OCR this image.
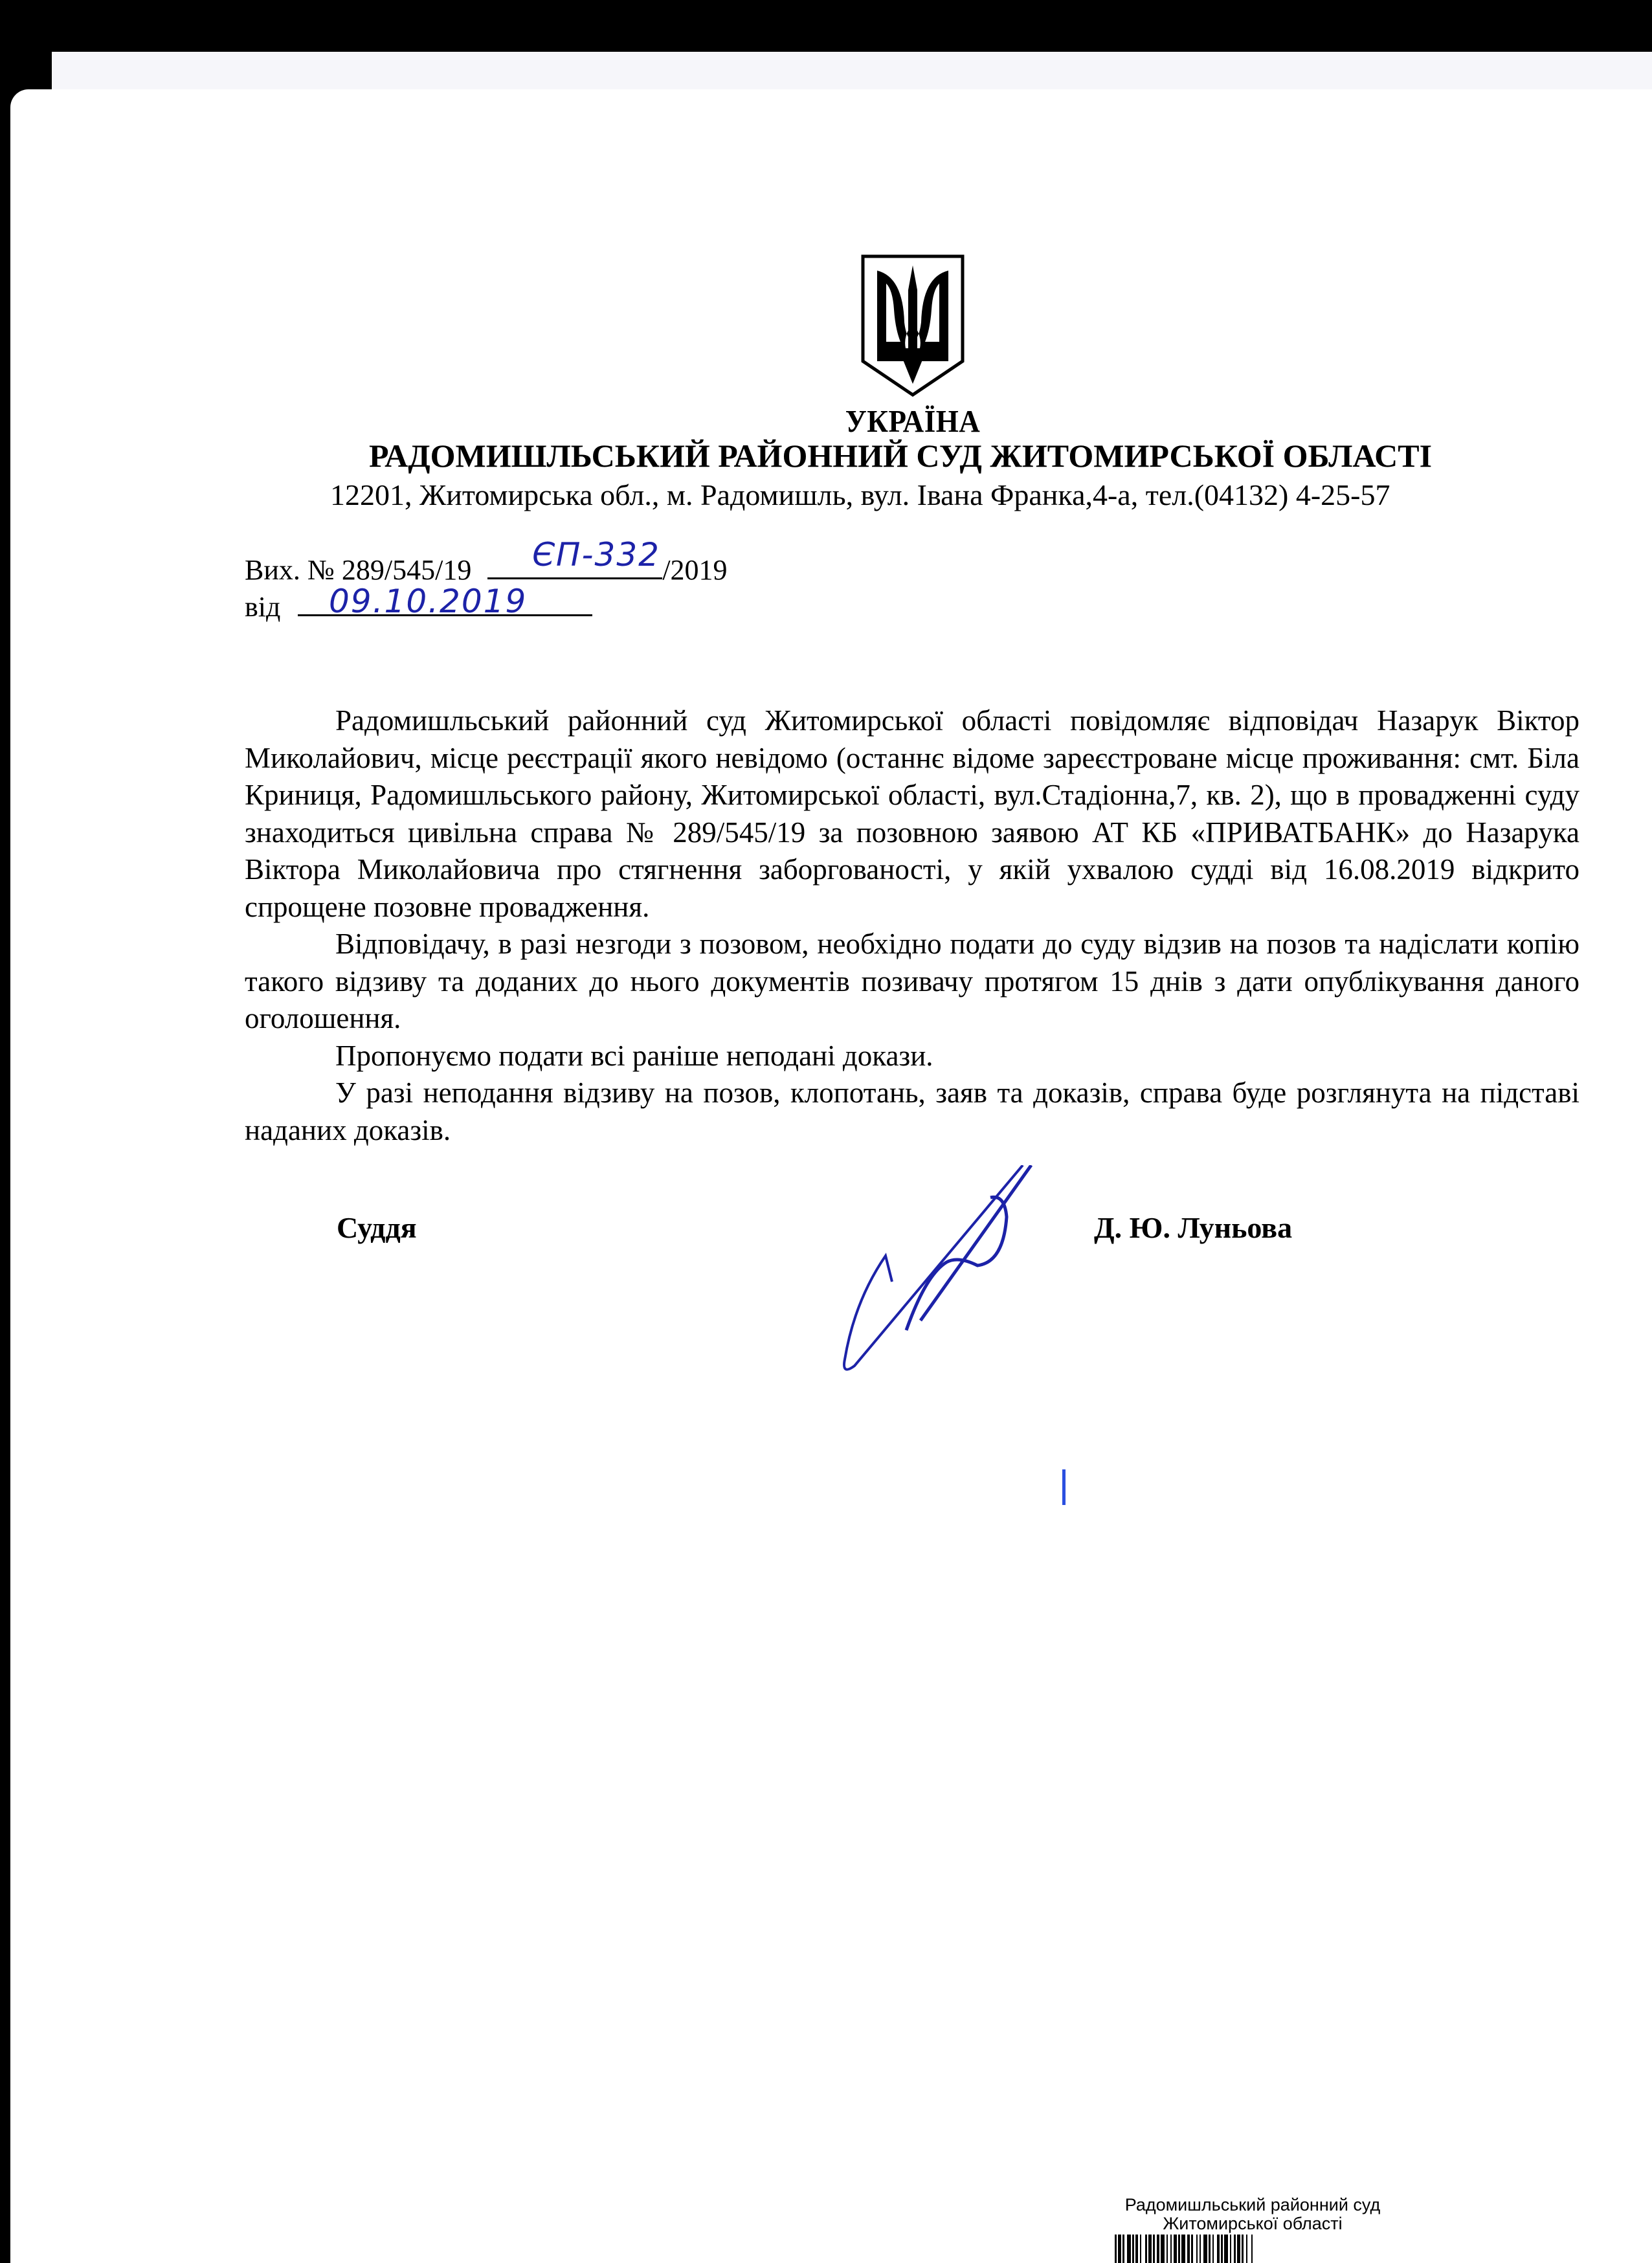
УКРАЇНА
РАДОМИШЛЬСЬКИЙ РАЙОННИЙ СУД ЖИТОМИРСЬКОЇ ОБЛАСТІ
12201, Житомирська обл., м. Радомишль, вул. Івана Франка,4-а, тел.(04132) 4-25-57
Вих. № 289/545/19	/2019
ЄП-332
від	09.10.2019

Радомишльський районний суд Житомирської області повідомляє відповідач Назарук Віктор Миколайович, місце реєстрації якого невідомо (останнє відоме зареєстроване місце проживання: смт. Біла Криниця, Радомишльського району, Житомирської області, вул.Стадіонна,7, кв. 2), що в провадженні суду знаходиться цивільна справа № 289/545/19 за позовною заявою АТ КБ «ПРИВАТБАНК» до Назарука Віктора Миколайовича про стягнення заборгованості, у якій ухвалою судді від 16.08.2019 відкрито спрощене позовне провадження.

Відповідачу, в разі незгоди з позовом, необхідно подати до суду відзив на позов та надіслати копію такого відзиву та доданих до нього документів позивачу протягом 15 днів з дати опублікування даного оголошення.

Пропонуємо подати всі раніше неподані докази.

У разі неподання відзиву на позов, клопотань, заяв та доказів, справа буде розглянута на підставі наданих доказів.

Суддя	Д. Ю. Луньова
Радомишльський районний суд
Житомирської області
